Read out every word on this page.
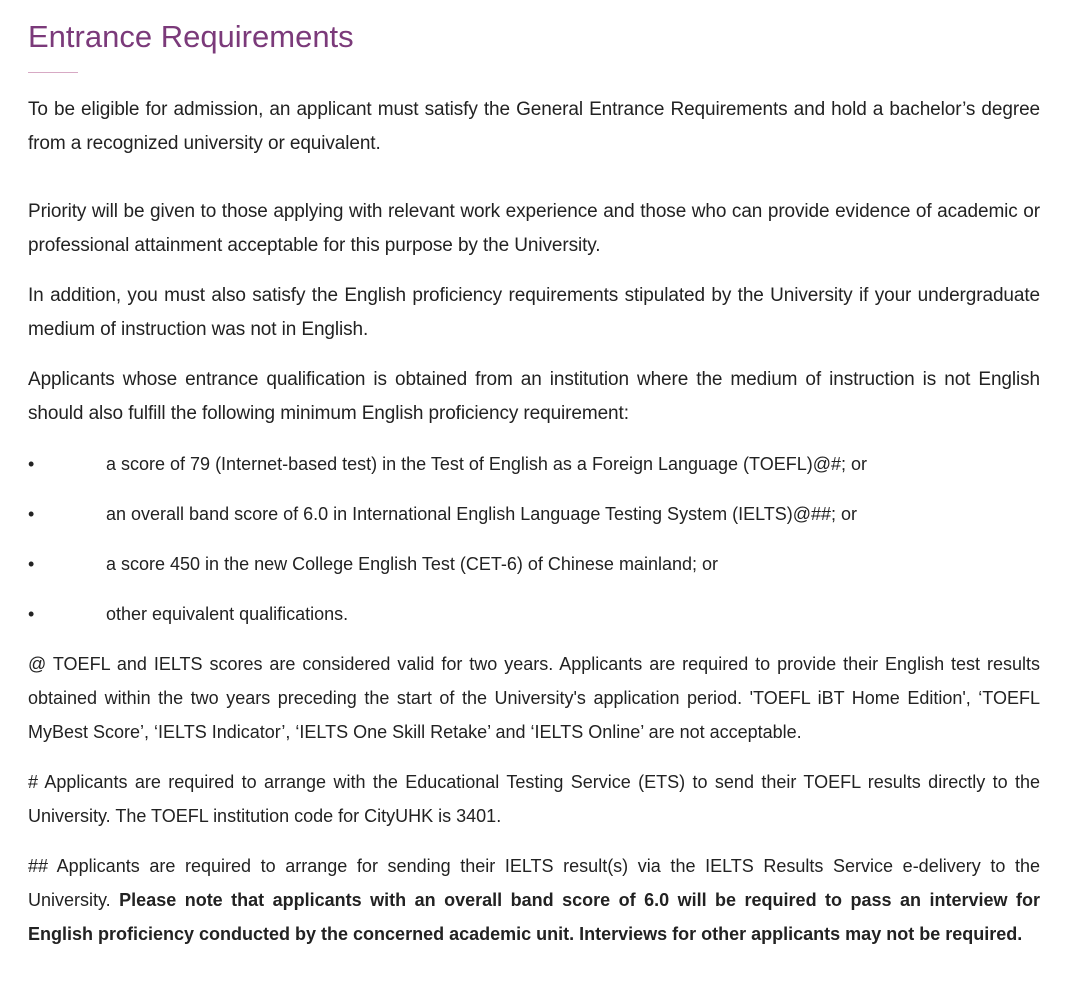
Entrance Requirements

To be eligible for admission, an applicant must satisfy the General Entrance Requirements and hold a bachelor’s degree from a recognized university or equivalent.

Priority will be given to those applying with relevant work experience and those who can provide evidence of academic or professional attainment acceptable for this purpose by the University.

In addition, you must also satisfy the English proficiency requirements stipulated by the University if your undergraduate medium of instruction was not in English.

Applicants whose entrance qualification is obtained from an institution where the medium of instruction is not English should also fulfill the following minimum English proficiency requirement:

•	a score of 79 (Internet-based test) in the Test of English as a Foreign Language (TOEFL)@#; or
•	an overall band score of 6.0 in International English Language Testing System (IELTS)@##; or
•	a score 450 in the new College English Test (CET-6) of Chinese mainland; or
•	other equivalent qualifications.

@ TOEFL and IELTS scores are considered valid for two years. Applicants are required to provide their English test results obtained within the two years preceding the start of the University's application period. 'TOEFL iBT Home Edition', ‘TOEFL MyBest Score’, ‘IELTS Indicator’, ‘IELTS One Skill Retake’ and ‘IELTS Online’ are not acceptable.

# Applicants are required to arrange with the Educational Testing Service (ETS) to send their TOEFL results directly to the University. The TOEFL institution code for CityUHK is 3401.

## Applicants are required to arrange for sending their IELTS result(s) via the IELTS Results Service e-delivery to the University. Please note that applicants with an overall band score of 6.0 will be required to pass an interview for English proficiency conducted by the concerned academic unit. Interviews for other applicants may not be required.
